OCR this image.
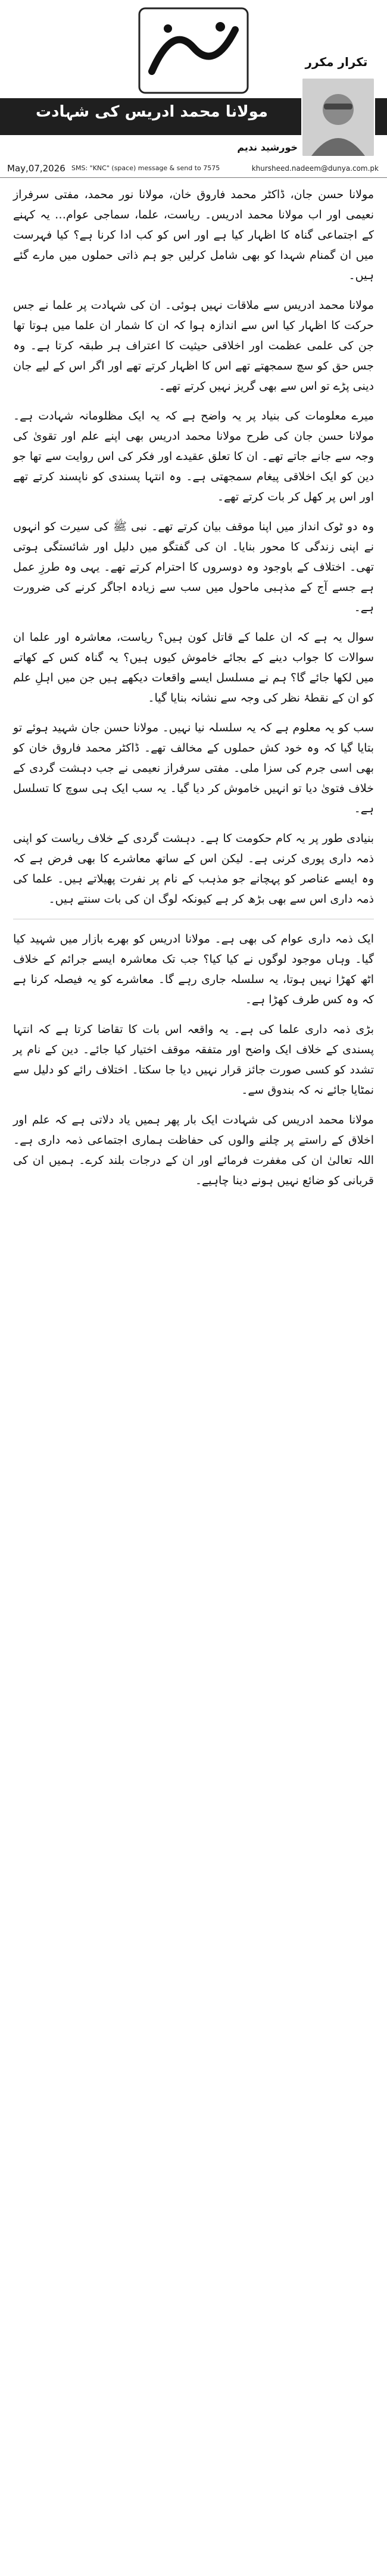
تکرار مکرر
مولانا محمد ادریس کی شہادت
خورشید ندیم
May,07,2026 SMS: "KNC" (space) message & send to 7575	khursheed.nadeem@dunya.com.pk

مولانا حسن جان، ڈاکٹر محمد فاروق خان، مولانا نور محمد، مفتی سرفراز نعیمی اور اب مولانا محمد ادریس۔ ریاست، علما، سماجی عوام… یہ کہنے کے اجتماعی گناہ کا اظہار کیا ہے اور اس کو کب ادا کرنا ہے؟ کیا فہرست میں ان گمنام شہدا کو بھی شامل کرلیں جو ہم ذاتی حملوں میں مارے گئے ہیں۔

مولانا محمد ادریس سے ملاقات نہیں ہوئی۔ ان کی شہادت پر علما نے جس حرکت کا اظہار کیا اس سے اندازہ ہوا کہ ان کا شمار ان علما میں ہوتا تھا جن کی علمی عظمت اور اخلاقی حیثیت کا اعتراف ہر طبقہ کرتا ہے۔ وہ جس حق کو سچ سمجھتے تھے اس کا اظہار کرتے تھے اور اگر اس کے لیے جان دینی پڑے تو اس سے بھی گریز نہیں کرتے تھے۔

میرے معلومات کی بنیاد پر یہ واضح ہے کہ یہ ایک مظلومانہ شہادت ہے۔ مولانا حسن جان کی طرح مولانا محمد ادریس بھی اپنے علم اور تقویٰ کی وجہ سے جانے جاتے تھے۔ ان کا تعلق عقیدے اور فکر کی اس روایت سے تھا جو دین کو ایک اخلاقی پیغام سمجھتی ہے۔ وہ انتہا پسندی کو ناپسند کرتے تھے اور اس پر کھل کر بات کرتے تھے۔

وہ دو ٹوک انداز میں اپنا موقف بیان کرتے تھے۔ نبی ﷺ کی سیرت کو انہوں نے اپنی زندگی کا محور بنایا۔ ان کی گفتگو میں دلیل اور شائستگی ہوتی تھی۔ اختلاف کے باوجود وہ دوسروں کا احترام کرتے تھے۔ یہی وہ طرزِ عمل ہے جسے آج کے مذہبی ماحول میں سب سے زیادہ اجاگر کرنے کی ضرورت ہے۔

سوال یہ ہے کہ ان علما کے قاتل کون ہیں؟ ریاست، معاشرہ اور علما ان سوالات کا جواب دینے کے بجائے خاموش کیوں ہیں؟ یہ گناہ کس کے کھاتے میں لکھا جائے گا؟ ہم نے مسلسل ایسے واقعات دیکھے ہیں جن میں اہلِ علم کو ان کے نقطۂ نظر کی وجہ سے نشانہ بنایا گیا۔

سب کو یہ معلوم ہے کہ یہ سلسلہ نیا نہیں۔ مولانا حسن جان شہید ہوئے تو بتایا گیا کہ وہ خود کش حملوں کے مخالف تھے۔ ڈاکٹر محمد فاروق خان کو بھی اسی جرم کی سزا ملی۔ مفتی سرفراز نعیمی نے جب دہشت گردی کے خلاف فتویٰ دیا تو انہیں خاموش کر دیا گیا۔ یہ سب ایک ہی سوچ کا تسلسل ہے۔

بنیادی طور پر یہ کام حکومت کا ہے۔ دہشت گردی کے خلاف ریاست کو اپنی ذمہ داری پوری کرنی ہے۔ لیکن اس کے ساتھ معاشرے کا بھی فرض ہے کہ وہ ایسے عناصر کو پہچانے جو مذہب کے نام پر نفرت پھیلاتے ہیں۔ علما کی ذمہ داری اس سے بھی بڑھ کر ہے کیونکہ لوگ ان کی بات سنتے ہیں۔

ایک ذمہ داری عوام کی بھی ہے۔ مولانا ادریس کو بھرے بازار میں شہید کیا گیا۔ وہاں موجود لوگوں نے کیا کیا؟ جب تک معاشرہ ایسے جرائم کے خلاف اٹھ کھڑا نہیں ہوتا، یہ سلسلہ جاری رہے گا۔ معاشرے کو یہ فیصلہ کرنا ہے کہ وہ کس طرف کھڑا ہے۔

بڑی ذمہ داری علما کی ہے۔ یہ واقعہ اس بات کا تقاضا کرتا ہے کہ انتہا پسندی کے خلاف ایک واضح اور متفقہ موقف اختیار کیا جائے۔ دین کے نام پر تشدد کو کسی صورت جائز قرار نہیں دیا جا سکتا۔ اختلاف رائے کو دلیل سے نمٹایا جائے نہ کہ بندوق سے۔

مولانا محمد ادریس کی شہادت ایک بار پھر ہمیں یاد دلاتی ہے کہ علم اور اخلاق کے راستے پر چلنے والوں کی حفاظت ہماری اجتماعی ذمہ داری ہے۔ اللہ تعالیٰ ان کی مغفرت فرمائے اور ان کے درجات بلند کرے۔ ہمیں ان کی قربانی کو ضائع نہیں ہونے دینا چاہیے۔
